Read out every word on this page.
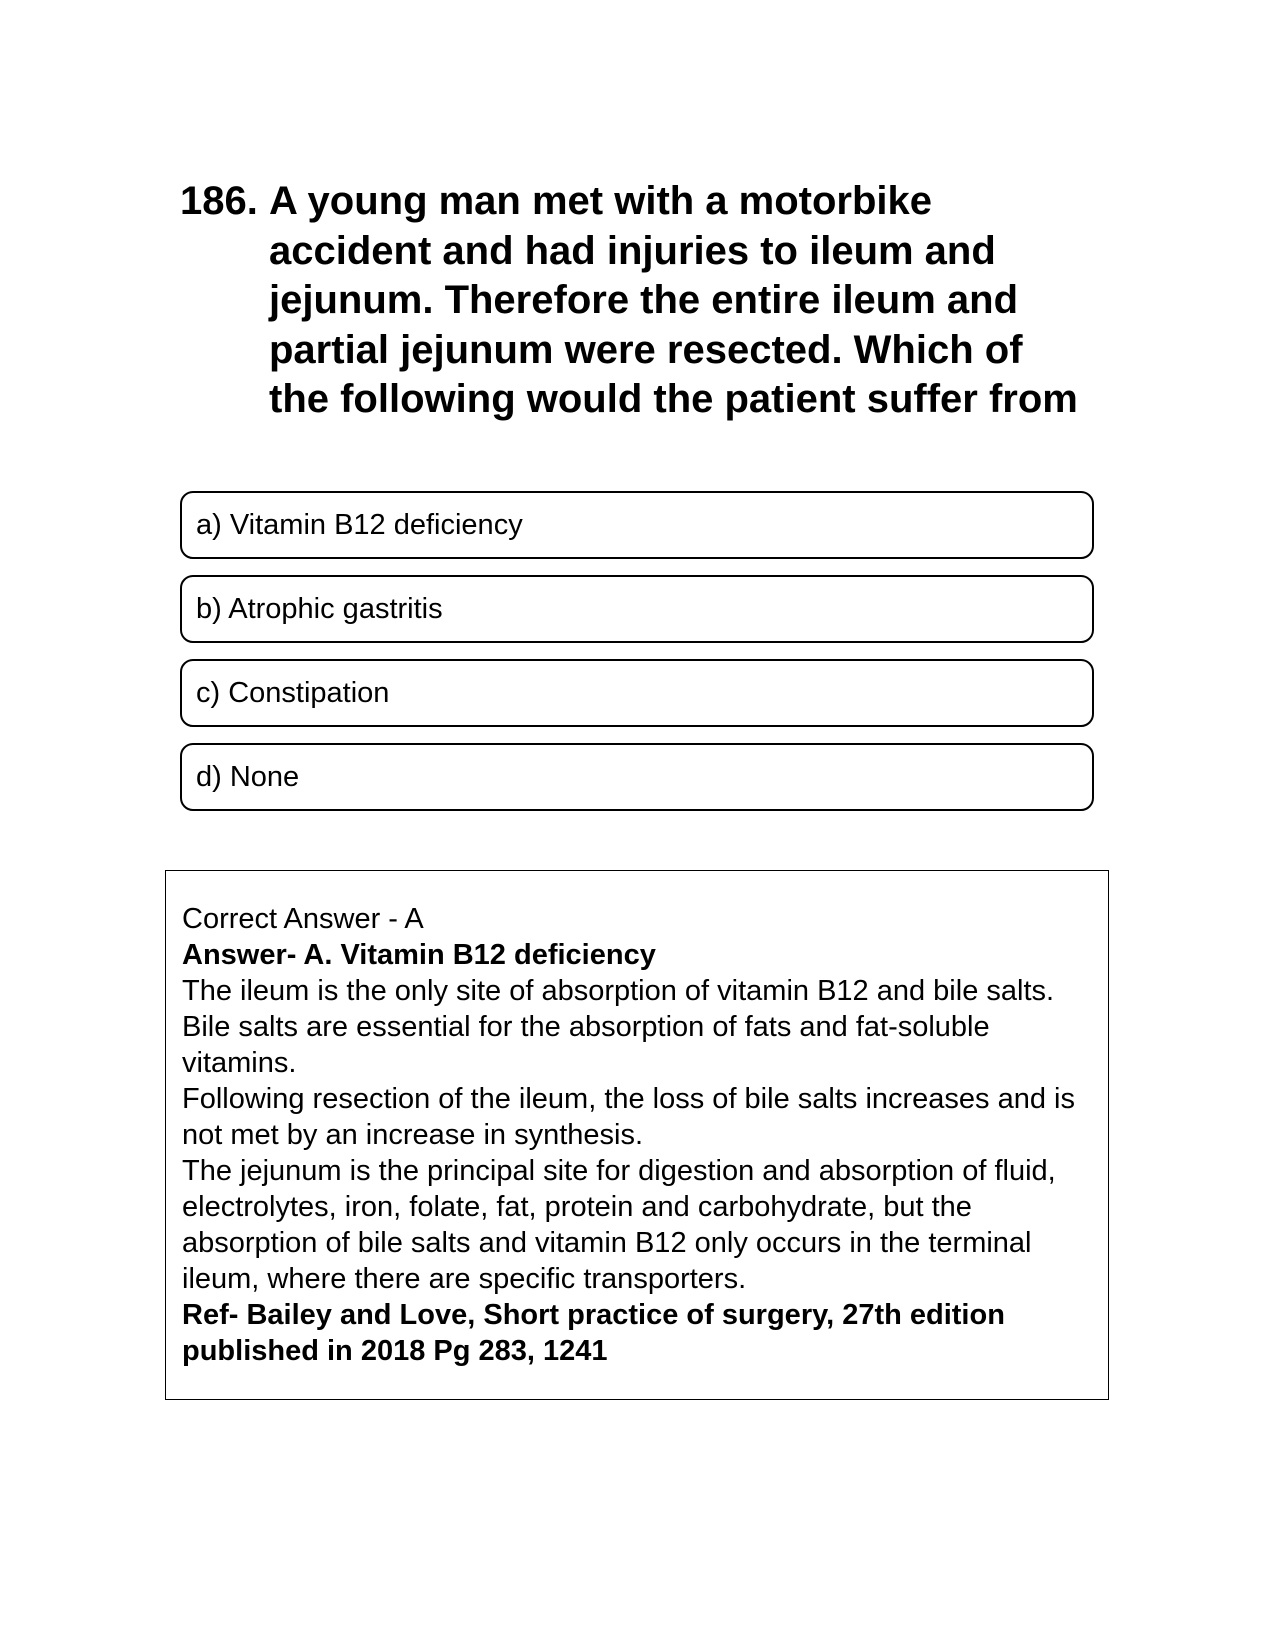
186. A young man met with a motorbike accident and had injuries to ileum and jejunum. Therefore the entire ileum and partial jejunum were resected. Which of the following would the patient suffer from
a) Vitamin B12 deficiency
b) Atrophic gastritis
c) Constipation
d) None

Correct Answer - A

Answer- A. Vitamin B12 deficiency

The ileum is the only site of absorption of vitamin B12 and bile salts.

Bile salts are essential for the absorption of fats and fat-soluble vitamins.

Following resection of the ileum, the loss of bile salts increases and is not met by an increase in synthesis.

The jejunum is the principal site for digestion and absorption of fluid, electrolytes, iron, folate, fat, protein and carbohydrate, but the absorption of bile salts and vitamin B12 only occurs in the terminal ileum, where there are specific transporters.

Ref- Bailey and Love, Short practice of surgery, 27th edition published in 2018 Pg 283, 1241
